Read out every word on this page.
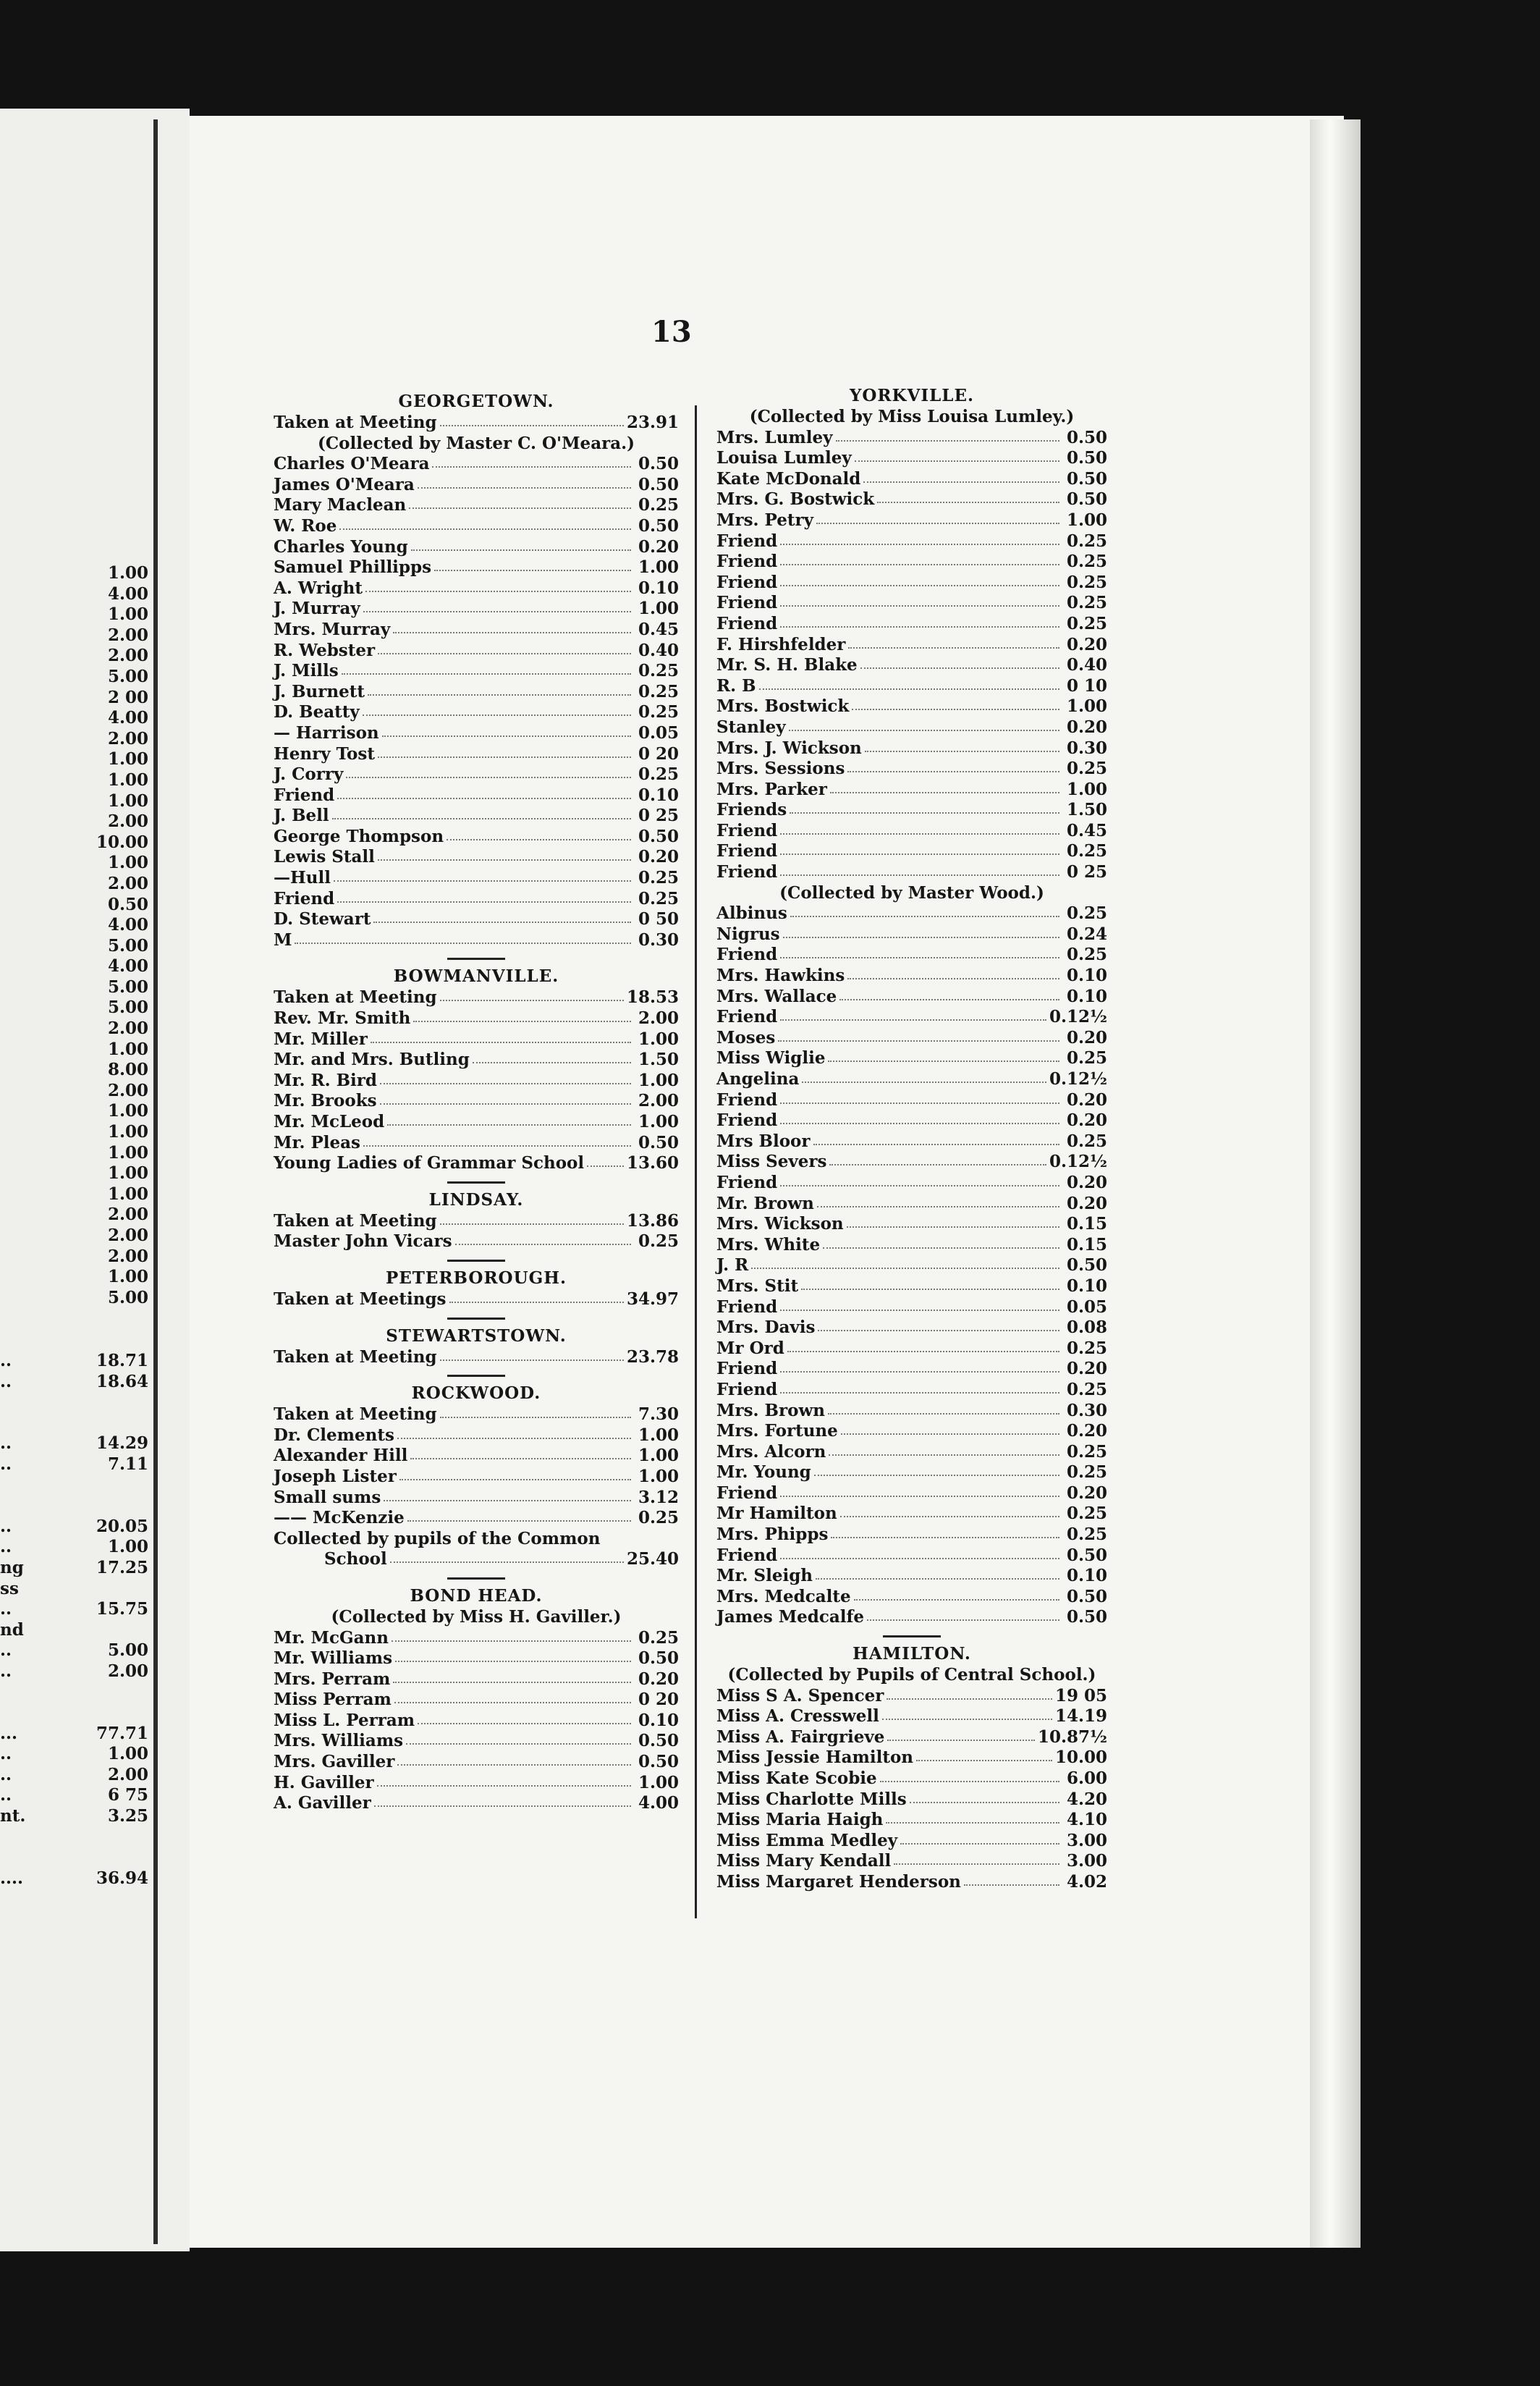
1.00
4.00
1.00
2.00
2.00
5.00
2 00
4.00
2.00
1.00
1.00
1.00
2.00
10.00
1.00
2.00
0.50
4.00
5.00
4.00
5.00
5.00
2.00
1.00
8.00
2.00
1.00
1.00
1.00
1.00
1.00
2.00
2.00
2.00
1.00
5.00
..	18.71
..	18.64
..	14.29
..	7.11
..	20.05
..	1.00
ng	17.25
ss
..	15.75
nd
..	5.00
..	2.00
...	77.71
..	1.00
..	2.00
..	6 75
nt.	3.25
....	36.94
13
GEORGETOWN.
Taken at Meeting	23.91
(Collected by Master C. O'Meara.)
Charles O'Meara	0.50
James O'Meara	0.50
Mary Maclean	0.25
W. Roe	0.50
Charles Young	0.20
Samuel Phillipps	1.00
A. Wright	0.10
J. Murray	1.00
Mrs. Murray	0.45
R. Webster	0.40
J. Mills	0.25
J. Burnett	0.25
D. Beatty	0.25
— Harrison	0.05
Henry Tost	0 20
J. Corry	0.25
Friend	0.10
J. Bell	0 25
George Thompson	0.50
Lewis Stall	0.20
—Hull	0.25
Friend	0.25
D. Stewart	0 50
M	0.30
BOWMANVILLE.
Taken at Meeting	18.53
Rev. Mr. Smith	2.00
Mr. Miller	1.00
Mr. and Mrs. Butling	1.50
Mr. R. Bird	1.00
Mr. Brooks	2.00
Mr. McLeod	1.00
Mr. Pleas	0.50
Young Ladies of Grammar School	13.60
LINDSAY.
Taken at Meeting	13.86
Master John Vicars	0.25
PETERBOROUGH.
Taken at Meetings	34.97
STEWARTSTOWN.
Taken at Meeting	23.78
ROCKWOOD.
Taken at Meeting	7.30
Dr. Clements	1.00
Alexander Hill	1.00
Joseph Lister	1.00
Small sums	3.12
—— McKenzie	0.25
Collected by pupils of the Common
School	25.40
BOND HEAD.
(Collected by Miss H. Gaviller.)
Mr. McGann	0.25
Mr. Williams	0.50
Mrs. Perram	0.20
Miss Perram	0 20
Miss L. Perram	0.10
Mrs. Williams	0.50
Mrs. Gaviller	0.50
H. Gaviller	1.00
A. Gaviller	4.00
YORKVILLE.
(Collected by Miss Louisa Lumley.)
Mrs. Lumley	0.50
Louisa Lumley	0.50
Kate McDonald	0.50
Mrs. G. Bostwick	0.50
Mrs. Petry	1.00
Friend	0.25
Friend	0.25
Friend	0.25
Friend	0.25
Friend	0.25
F. Hirshfelder	0.20
Mr. S. H. Blake	0.40
R. B	0 10
Mrs. Bostwick	1.00
Stanley	0.20
Mrs. J. Wickson	0.30
Mrs. Sessions	0.25
Mrs. Parker	1.00
Friends	1.50
Friend	0.45
Friend	0.25
Friend	0 25
(Collected by Master Wood.)
Albinus	0.25
Nigrus	0.24
Friend	0.25
Mrs. Hawkins	0.10
Mrs. Wallace	0.10
Friend	0.12½
Moses	0.20
Miss Wiglie	0.25
Angelina	0.12½
Friend	0.20
Friend	0.20
Mrs Bloor	0.25
Miss Severs	0.12½
Friend	0.20
Mr. Brown	0.20
Mrs. Wickson	0.15
Mrs. White	0.15
J. R	0.50
Mrs. Stit	0.10
Friend	0.05
Mrs. Davis	0.08
Mr Ord	0.25
Friend	0.20
Friend	0.25
Mrs. Brown	0.30
Mrs. Fortune	0.20
Mrs. Alcorn	0.25
Mr. Young	0.25
Friend	0.20
Mr Hamilton	0.25
Mrs. Phipps	0.25
Friend	0.50
Mr. Sleigh	0.10
Mrs. Medcalte	0.50
James Medcalfe	0.50
HAMILTON.
(Collected by Pupils of Central School.)
Miss S A. Spencer	19 05
Miss A. Cresswell	14.19
Miss A. Fairgrieve	10.87½
Miss Jessie Hamilton	10.00
Miss Kate Scobie	6.00
Miss Charlotte Mills	4.20
Miss Maria Haigh	4.10
Miss Emma Medley	3.00
Miss Mary Kendall	3.00
Miss Margaret Henderson	4.02
